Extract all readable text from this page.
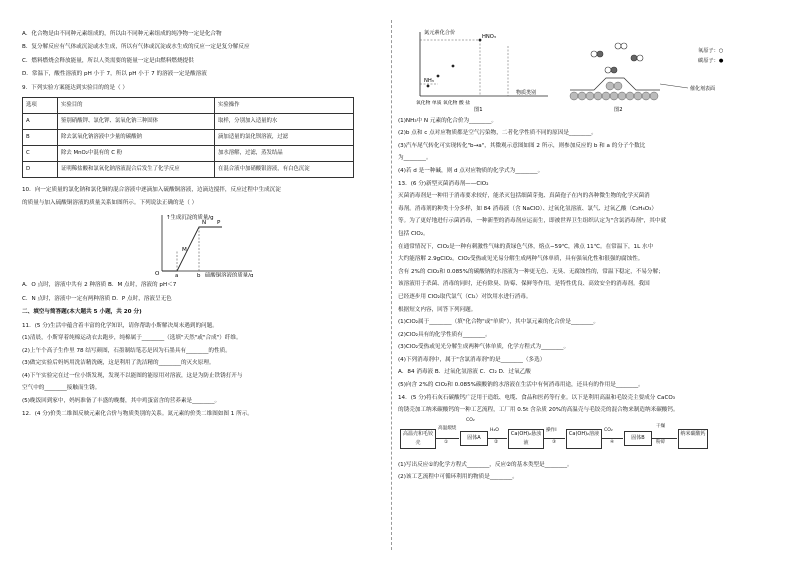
A．化合物是由不同种元素组成的，所以由不同种元素组成的纯净物一定是化合物
B．复分解反应有气体或沉淀或水生成，所以有气体或沉淀或水生成的反应一定是复分解反应
C．燃料燃烧会释放能量，所以人类需要的能量一定是由燃料燃烧提供
D．常温下，酸性溶液的 pH 小于 7，所以 pH 小于 7 的溶液一定是酸溶液
9．下列实验方案能达到实验目的的是（ ）
选项	实验目的	实验操作
A	鉴别硝酸钾、氯化钾、氯氧化钠三种固体	取样，分别加入适量的水
B	除去氯氧化钠溶液中少量的碳酸钠	滴加适量的氯化钡溶液，过滤
C	除去 MnO₂中混有的 C 粉	加水溶解，过滤，蒸发结晶
D	证明稀盐酸和氯氧化钠溶液混合后发生了化学反应	在混合液中加硝酸银溶液，有白色沉淀
10．向一定质量的氯化钠和氯化铜的混合溶液中逐滴加入硫酸铜溶液，边滴边搅拌，反应过程中生成沉淀
的质量与加入硫酸铜溶液的质量关系如图所示。下列说法正确的是（ ）
↑生成沉淀的质量/g
N P
M
O	a	b 硫酸铜溶液的质量/g
A．O 点时，溶液中共有 2 种溶质 B．M 点时，溶液的 pH＜7
C．N 点时，溶液中一定有两种溶质 D．P 点时，溶液呈无色
二、填空与简答题(本大题共 5 小题，共 20 分)
11．(5 分)生活中蕴含着丰富的化学知识，请你帮助小斯解决周末遇到的问题。
(1)清晨，小斯穿着纯棉运动衣去跑步，纯棉属于________（选填"天然"或"合成"）纤维。
(2)上午个高子生作里 78 结写颜图，石墨制结笔芯是因为石墨具有________的性质。
(3)做完实验后妈妈用洗洁精洗碗，这是利用了洗洁精的________的灭火原理。
(4)下午实验完在过一位小斯发现，发现不以能图的能原用对溶液，这是为防止铁锈打开与
空气中的________接触而生锈。
(5)晚饭回到家中，妈妈准备了丰盛的晚餐，其中鸡蛋富含的营养素是________。
12．(4 分)价类二维图反映元素化合价与物质类别的关系。氮元素的价类二维图如图 1 所示。
氮元素化合价
HNO₃
NH₃
物质类别
氧化物 单质 氧化物 酸 盐
图1
氧原子：○
碳原子：●
催化剂表面
图2
(1)NH₃中 N 元素的化合价为________。
(2)b 点和 c 点对应物质都是空气污染物，二者化学性质不同的原因是________。
(3)汽车尾气转化可实现转化"b→a"，其微观示意图如图 2 所示，则参加反应的 b 和 a 的分子个数比
为________。
(4)若 d 是一种碱，则 d 点对应物质的化学式为________。
13．(6 分)新型灭菌消毒剂——ClO₂
灭菌消毒剂是一种用于消毒要求较好，能杀灭包括细菌芽孢、真菌孢子在内的各种微生物的化学灭菌消
毒剂。消毒剂的种类十分多样，如 84 消毒液（含 NaClO）、过氧化氢溶液、氯气、过氧乙酸（C₂H₄O₃）
等。为了更好地进行示菌消毒，一种新型的消毒剂应运而生，即被世界卫生组织认定为"含氯消毒剂"，其中就
包括 ClO₂。
在通常情况下，ClO₂是一种有刺激性气味的黄绿色气体，熔点−59℃，沸点 11℃。在常温下，1L 水中
大约能溶解 2.9gClO₂。ClO₂受热或见光易分解生成两种气体单质，具有强氧化性和很强的腐蚀性。
含有 2%的 ClO₂和 0.085%的碳酸钠的水溶液为一种更无色、无臭、无腐蚀性的，常温下稳定，不易分解；
该溶液用于杀菌、消毒的同时，还有除臭、防霉、保鲜等作用，是特性优良、高效安全的消毒剂。我国
已经逐步用 ClO₂取代氯气（Cl₂）对饮用水进行消毒。
根据短文内容，回答下列问题。
(1)ClO₂属于________（填"化合物"或"单质"），其中氯元素的化合价是________。
(2)ClO₂具有的化学性质有________。
(3)ClO₂受热或见光分解生成两种气体单质，化学方程式为________。
(4)下列消毒剂中，属于"含氯消毒剂"的是________（多选）
A．84 消毒液 B．过氧化氢溶液 C．Cl₂ D．过氧乙酸
(5)向含 2%的 ClO₂和 0.085%碳酸钠的水溶液在生活中有何消毒用途，还具有的作用是________。
14．(5 分)将石灰石碳酸钙广泛用于造纸、电缆、食品和医药等行业。以下是利用高温和毛铰壳主要成分 CaCO₃
的锈壳加工纳米碳酸钙的一种工艺流程，工厂用 0.5t 含杂质 20%的高温壳与毛铰壳的混合物来制造纳米碳酸钙。
高温壳和毛铰壳
高温煅烧
①
CO₂
固体A
H₂O
②
Ca(OH)₂悬浊液
操作I
③
Ca(OH)₂溶液
CO₂
④
固体B
干燥
粉碎
纳米碳酸钙
(1)写出反应①的化学方程式________，反应②的基本类型是________。
(2)该工艺流程中可循环利用的物质是________。
